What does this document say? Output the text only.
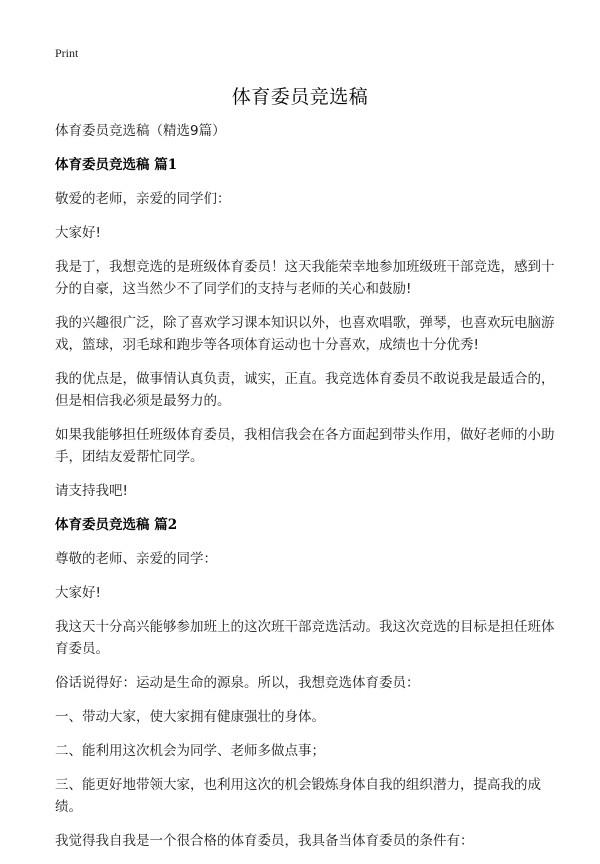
Print
体育委员竞选稿

体育委员竞选稿（精选9篇）

体育委员竞选稿 篇1

敬爱的老师，亲爱的同学们：

大家好!

我是丁，我想竞选的是班级体育委员！这天我能荣幸地参加班级班干部竞选，感到十分的自豪，这当然少不了同学们的支持与老师的关心和鼓励!

我的兴趣很广泛，除了喜欢学习课本知识以外，也喜欢唱歌，弹琴，也喜欢玩电脑游戏，篮球，羽毛球和跑步等各项体育运动也十分喜欢，成绩也十分优秀!

我的优点是，做事情认真负责，诚实，正直。我竞选体育委员不敢说我是最适合的，但是相信我必须是最努力的。

如果我能够担任班级体育委员，我相信我会在各方面起到带头作用，做好老师的小助手，团结友爱帮忙同学。

请支持我吧!

体育委员竞选稿 篇2

尊敬的老师、亲爱的同学：

大家好!

我这天十分高兴能够参加班上的这次班干部竞选活动。我这次竞选的目标是担任班体育委员。

俗话说得好：运动是生命的源泉。所以，我想竞选体育委员：

一、带动大家，使大家拥有健康强壮的身体。

二、能利用这次机会为同学、老师多做点事；

三、能更好地带领大家，也利用这次的机会锻炼身体自我的组织潜力，提高我的成绩。

我觉得我自我是一个很合格的体育委员，我具备当体育委员的条件有：
